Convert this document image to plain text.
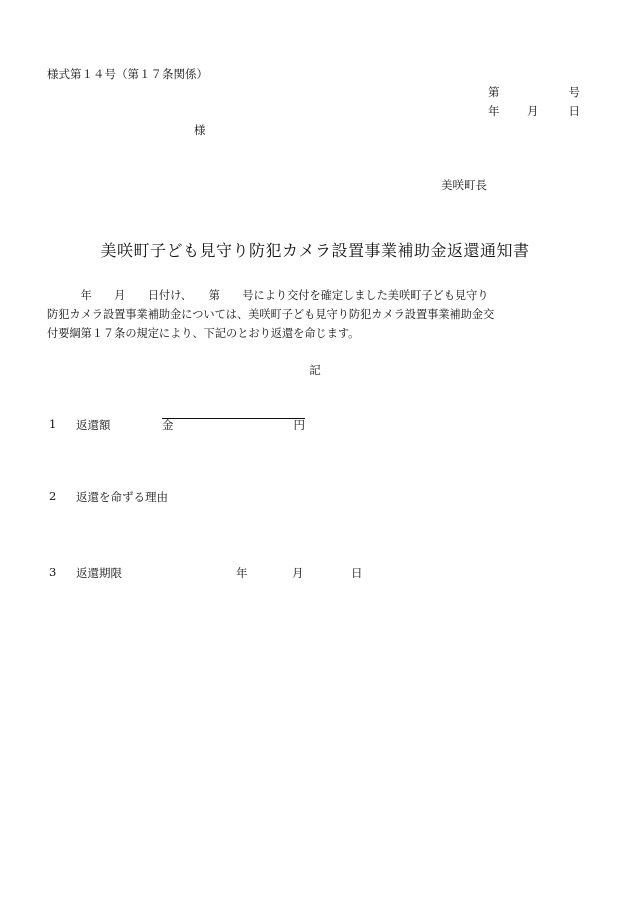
様式第１４号（第１７条関係）
第	号
年 月	日
様
美咲町長
美咲町子ども見守り防犯カメラ設置事業補助金返還通知書
　　　年　　月　　日付け、　　第　　号により交付を確定しました美咲町子ども見守り
防犯カメラ設置事業補助金については、美咲町子ども見守り防犯カメラ設置事業補助金交
付要綱第１７条の規定により、下記のとおり返還を命じます。
記
1 返還額	金	円
2 返還を命ずる理由
3 返還期限	年	月	日
